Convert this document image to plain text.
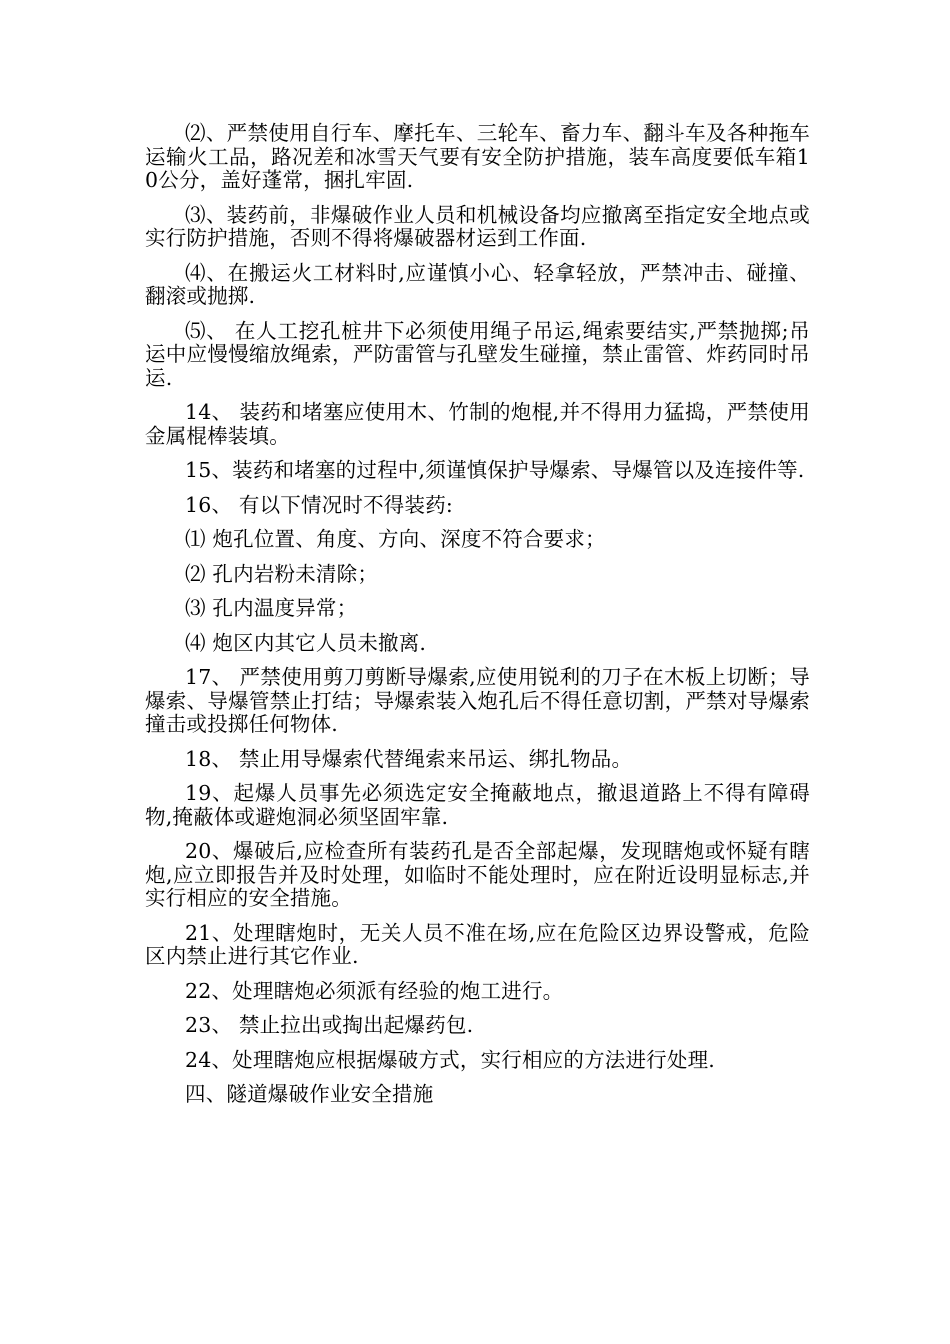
⑵、严禁使用自行车、摩托车、三轮车、畜力车、翻斗车及各种拖车运输火工品，路况差和冰雪天气要有安全防护措施，装车高度要低车箱10公分，盖好蓬常，捆扎牢固.

⑶、装药前，非爆破作业人员和机械设备均应撤离至指定安全地点或实行防护措施，否则不得将爆破器材运到工作面.

⑷、在搬运火工材料时,应谨慎小心、轻拿轻放，严禁冲击、碰撞、翻滚或抛掷.

⑸、 在人工挖孔桩井下必须使用绳子吊运,绳索要结实,严禁抛掷;吊运中应慢慢缩放绳索，严防雷管与孔壁发生碰撞，禁止雷管、炸药同时吊运.

14、 装药和堵塞应使用木、竹制的炮棍,并不得用力猛捣，严禁使用金属棍棒装填。

15、装药和堵塞的过程中,须谨慎保护导爆索、导爆管以及连接件等.

16、 有以下情况时不得装药:

⑴ 炮孔位置、角度、方向、深度不符合要求；

⑵ 孔内岩粉未清除；

⑶ 孔内温度异常；

⑷ 炮区内其它人员未撤离.

17、 严禁使用剪刀剪断导爆索,应使用锐利的刀子在木板上切断；导爆索、导爆管禁止打结；导爆索装入炮孔后不得任意切割，严禁对导爆索撞击或投掷任何物体.

18、 禁止用导爆索代替绳索来吊运、绑扎物品。

19、起爆人员事先必须选定安全掩蔽地点，撤退道路上不得有障碍物,掩蔽体或避炮洞必须坚固牢靠.

20、爆破后,应检查所有装药孔是否全部起爆，发现瞎炮或怀疑有瞎炮,应立即报告并及时处理，如临时不能处理时，应在附近设明显标志,并实行相应的安全措施。

21、处理瞎炮时，无关人员不准在场,应在危险区边界设警戒，危险区内禁止进行其它作业.

22、处理瞎炮必须派有经验的炮工进行。

23、 禁止拉出或掏出起爆药包.

24、处理瞎炮应根据爆破方式，实行相应的方法进行处理.

四、隧道爆破作业安全措施
